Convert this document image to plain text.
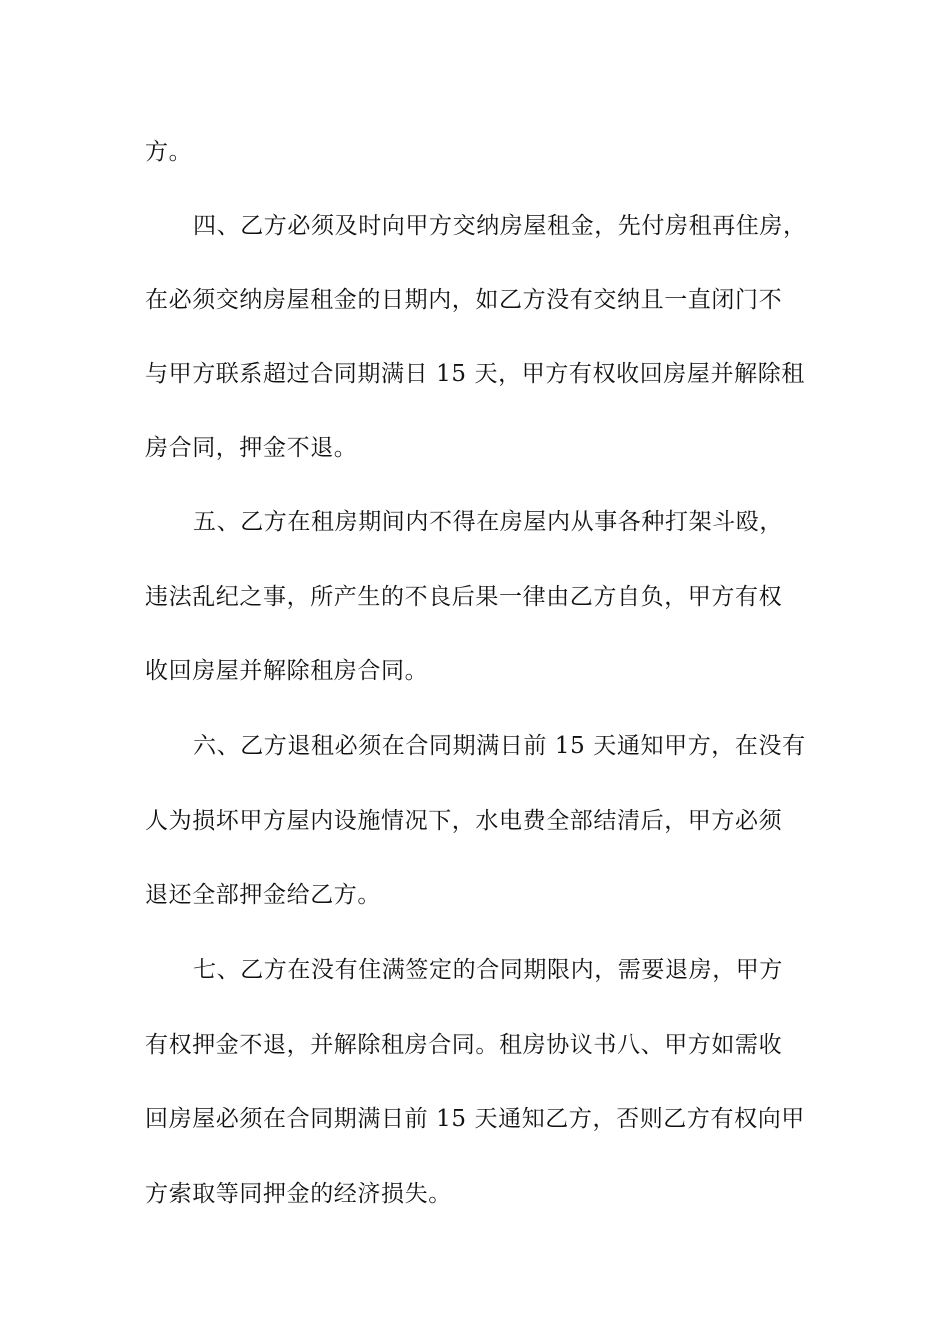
方。
四、乙方必须及时向甲方交纳房屋租金，先付房租再住房，
在必须交纳房屋租金的日期内，如乙方没有交纳且一直闭门不
与甲方联系超过合同期满日 15 天，甲方有权收回房屋并解除租
房合同，押金不退。
五、乙方在租房期间内不得在房屋内从事各种打架斗殴，
违法乱纪之事，所产生的不良后果一律由乙方自负，甲方有权
收回房屋并解除租房合同。
六、乙方退租必须在合同期满日前 15 天通知甲方，在没有
人为损坏甲方屋内设施情况下，水电费全部结清后，甲方必须
退还全部押金给乙方。
七、乙方在没有住满签定的合同期限内，需要退房，甲方
有权押金不退，并解除租房合同。租房协议书八、甲方如需收
回房屋必须在合同期满日前 15 天通知乙方，否则乙方有权向甲
方索取等同押金的经济损失。
